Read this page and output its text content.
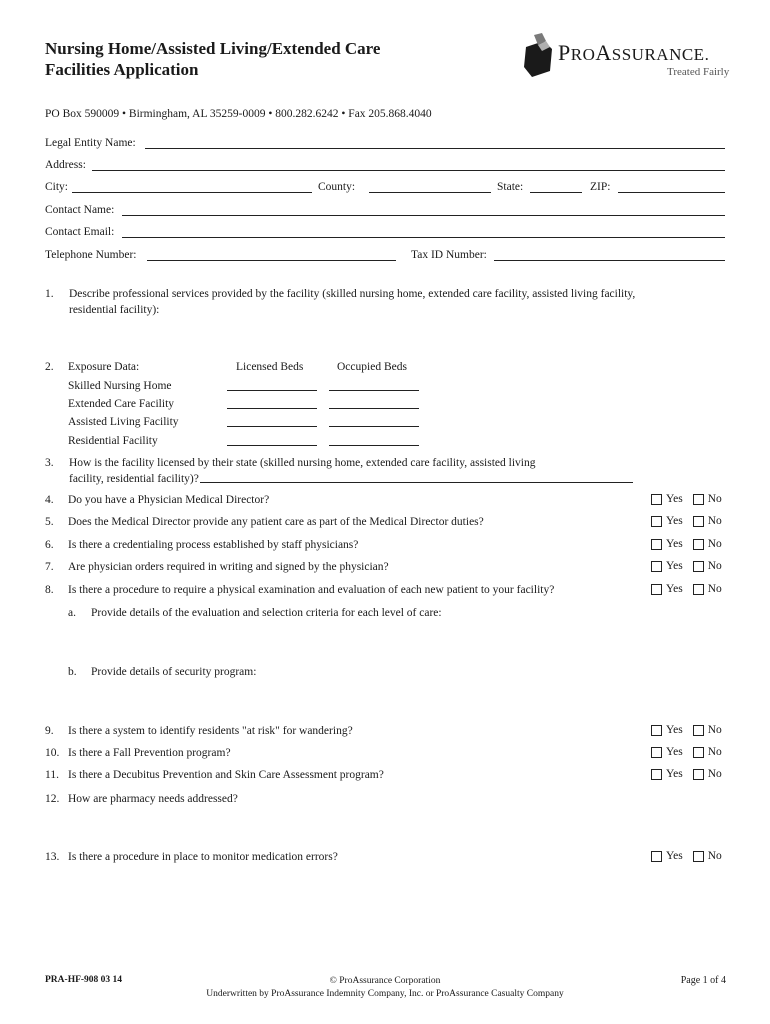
Nursing Home/Assisted Living/Extended Care
Facilities Application
PROASSURANCE.
Treated Fairly
PO Box 590009 • Birmingham, AL 35259-0009 • 800.282.6242 • Fax 205.868.4040
Legal Entity Name:
Address:
City:	County:	State:	ZIP:
Contact Name:
Contact Email:
Telephone Number:	Tax ID Number:
1.	Describe professional services provided by the facility (skilled nursing home, extended care facility, assisted living facility,
residential facility):
2. Exposure Data:	Licensed Beds	Occupied Beds
Skilled Nursing Home
Extended Care Facility
Assisted Living Facility
Residential Facility
3.	How is the facility licensed by their state (skilled nursing home, extended care facility, assisted living
facility, residential facility)?
4. Do you have a Physician Medical Director?	Yes No
5. Does the Medical Director provide any patient care as part of the Medical Director duties?	Yes No
6. Is there a credentialing process established by staff physicians?	Yes No
7. Are physician orders required in writing and signed by the physician?	Yes No
8. Is there a procedure to require a physical examination and evaluation of each new patient to your facility?	Yes No
a. Provide details of the evaluation and selection criteria for each level of care:
b. Provide details of security program:
9. Is there a system to identify residents "at risk" for wandering?	Yes No
10. Is there a Fall Prevention program?	Yes No
11. Is there a Decubitus Prevention and Skin Care Assessment program?	Yes No
12. How are pharmacy needs addressed?
13. Is there a procedure in place to monitor medication errors?	Yes No
© ProAssurance Corporation
Underwritten by ProAssurance Indemnity Company, Inc. or ProAssurance Casualty Company
PRA-HF-908 03 14	Page 1 of 4
